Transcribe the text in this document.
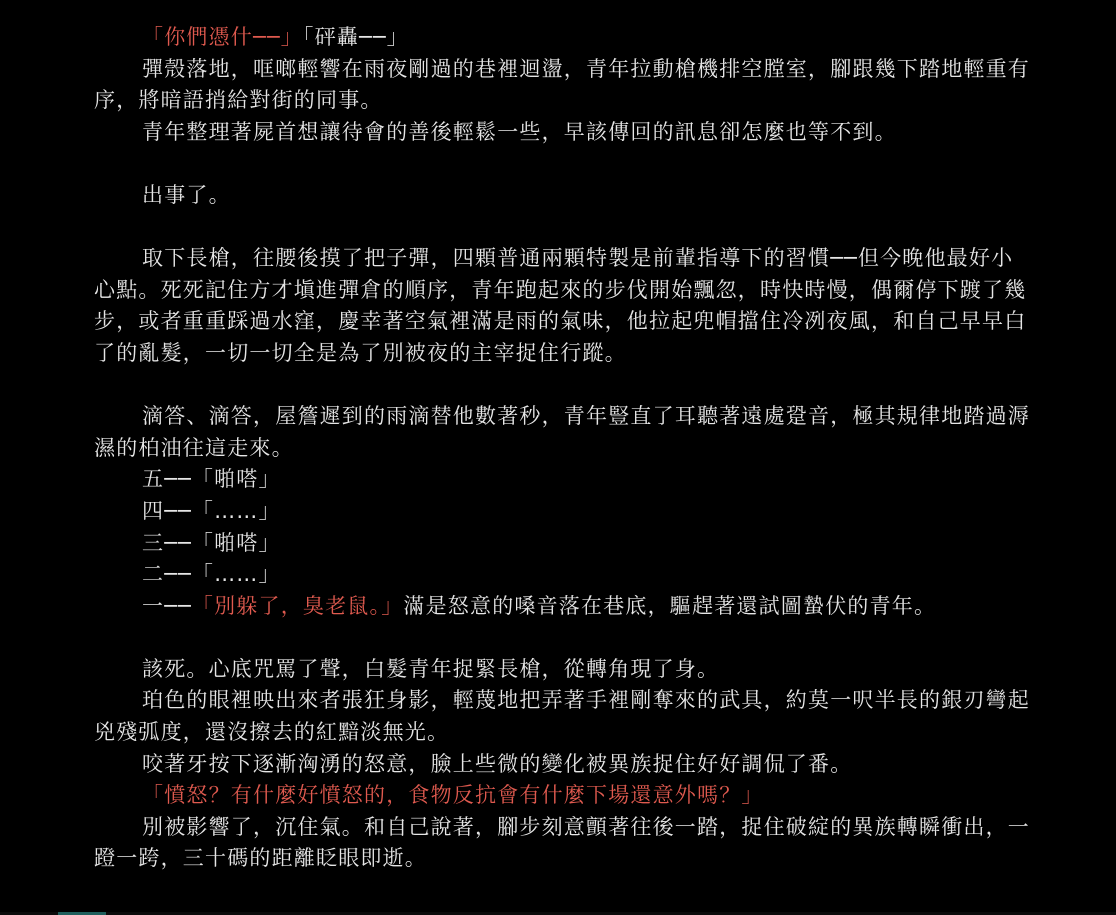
「你們憑什──」「砰轟──」

彈殼落地，哐啷輕響在雨夜剛過的巷裡迴盪，青年拉動槍機排空膛室，腳跟幾下踏地輕重有序，將暗語捎給對街的同事。

青年整理著屍首想讓待會的善後輕鬆一些，早該傳回的訊息卻怎麼也等不到。

出事了。

取下長槍，往腰後摸了把子彈，四顆普通兩顆特製是前輩指導下的習慣──但今晚他最好小心點。死死記住方才塡進彈倉的順序，青年跑起來的步伐開始飄忽，時快時慢，偶爾停下踱了幾步，或者重重踩過水窪，慶幸著空氣裡滿是雨的氣味，他拉起兜帽擋住冷冽夜風，和自己早早白了的亂髮，一切一切全是為了別被夜的主宰捉住行蹤。

滴答、滴答，屋簷遲到的雨滴替他數著秒，青年豎直了耳聽著遠處跫音，極其規律地踏過溽濕的柏油往這走來。

五──「啪嗒」

四──「……」

三──「啪嗒」

二──「……」

一──「別躲了，臭老鼠。」滿是怒意的嗓音落在巷底，驅趕著還試圖蟄伏的青年。

該死。心底咒罵了聲，白髮青年捉緊長槍，從轉角現了身。

珀色的眼裡映出來者張狂身影，輕蔑地把弄著手裡剛奪來的武具，約莫一呎半長的銀刃彎起兇殘弧度，還沒擦去的紅黯淡無光。

咬著牙按下逐漸洶湧的怒意，臉上些微的變化被異族捉住好好調侃了番。

「憤怒？有什麼好憤怒的，食物反抗會有什麼下場還意外嗎？」

別被影響了，沉住氣。和自己說著，腳步刻意顫著往後一踏，捉住破綻的異族轉瞬衝出，一蹬一跨，三十碼的距離眨眼即逝。
